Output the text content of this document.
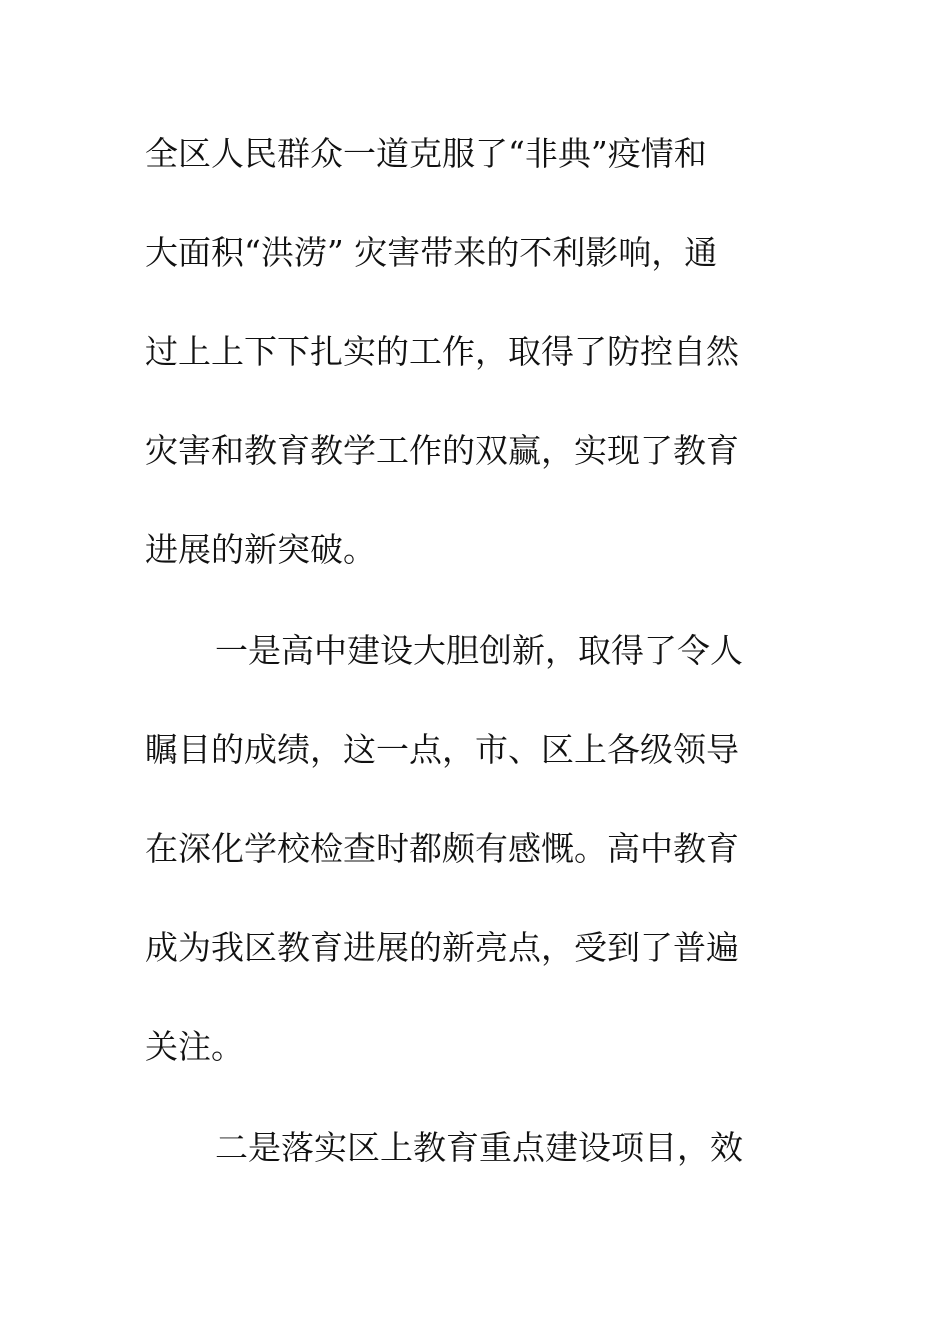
全区人民群众一道克服了“非典”疫情和
大面积“洪涝” 灾害带来的不利影响，通
过上上下下扎实的工作，取得了防控自然
灾害和教育教学工作的双赢，实现了教育
进展的新突破。
一是高中建设大胆创新，取得了令人
瞩目的成绩，这一点，市、区上各级领导
在深化学校检查时都颇有感慨。高中教育
成为我区教育进展的新亮点，受到了普遍
关注。
二是落实区上教育重点建设项目，效
